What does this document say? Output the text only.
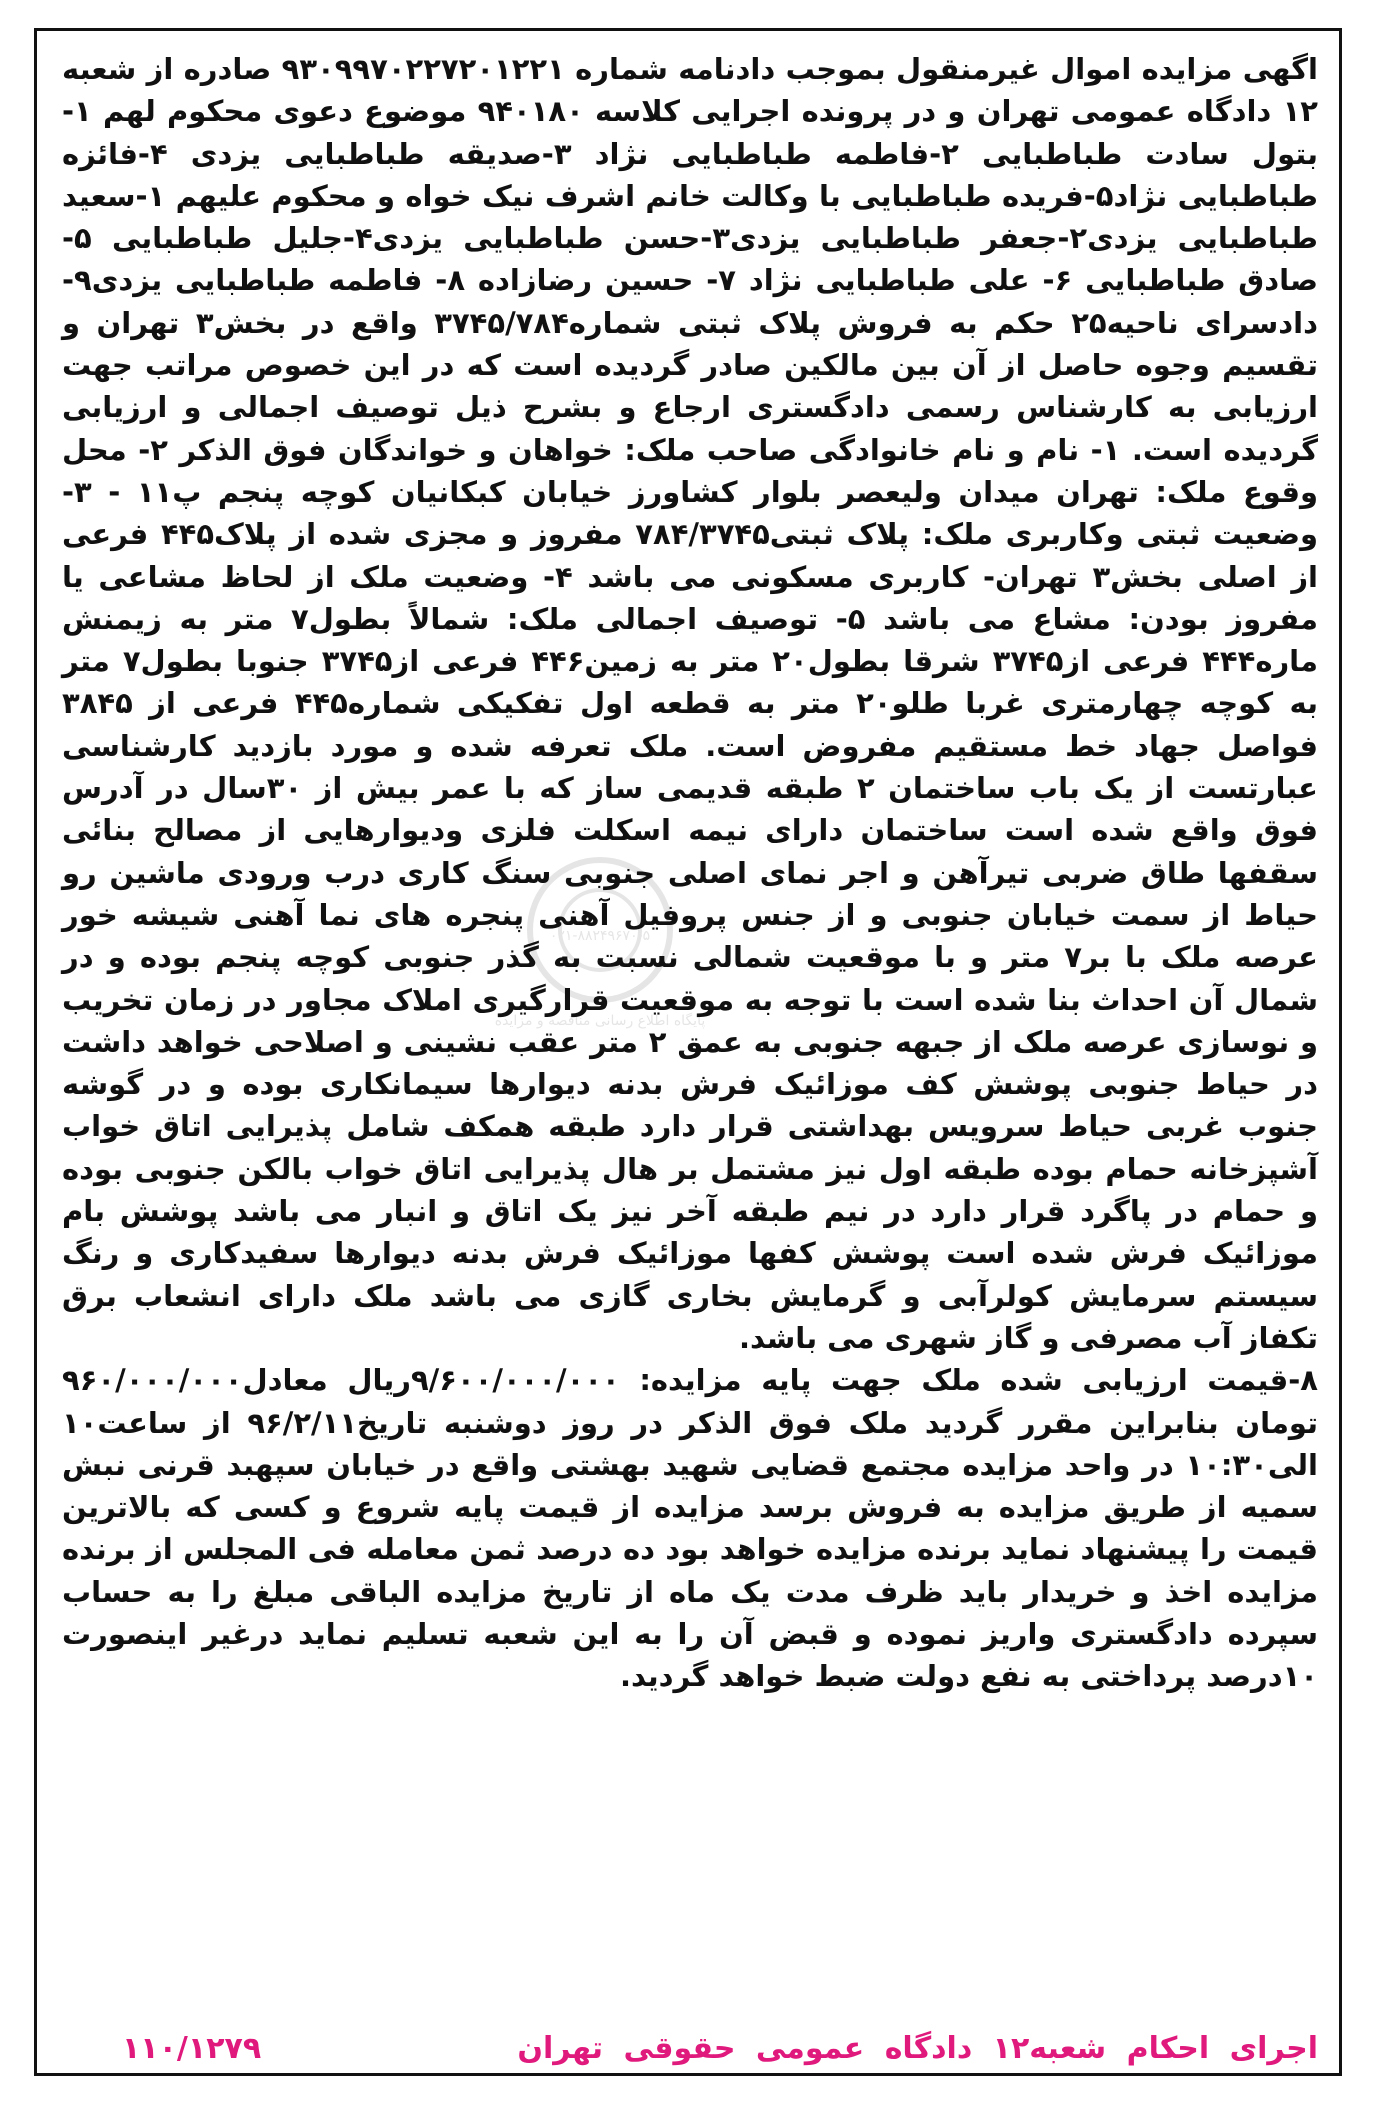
پایگاه اطلاع رسانی مناقصه و مزایده
۰۲۱-۸۸۲۴۹۶۷۰-۵

اگهی مزایده اموال غیرمنقول بموجب دادنامه شماره ۹۳۰۹۹۷۰۲۲۷۲۰۱۲۲۱ صادره از شعبه ۱۲ دادگاه عمومی تهران و در پرونده اجرایی کلاسه ۹۴۰۱۸۰ موضوع دعوی محکوم لهم ۱-بتول سادت طباطبایی ۲-فاطمه طباطبایی نژاد ۳-صدیقه طباطبایی یزدی ۴-فائزه طباطبایی نژاد۵-فریده طباطبایی با وکالت خانم اشرف نیک خواه و محکوم علیهم ۱-سعید طباطبایی یزدی۲-جعفر طباطبایی یزدی۳-حسن طباطبایی یزدی۴-جلیل طباطبایی ۵- صادق طباطبایی ۶- علی طباطبایی نژاد ۷- حسین رضازاده ۸- فاطمه طباطبایی یزدی۹- دادسرای ناحیه۲۵ حکم به فروش پلاک ثبتی شماره۳۷۴۵/۷۸۴ واقع در بخش۳ تهران و تقسیم وجوه حاصل از آن بین مالکین صادر گردیده است که در این خصوص مراتب جهت ارزیابی به کارشناس رسمی دادگستری ارجاع و بشرح ذیل توصیف اجمالی و ارزیابی گردیده است. ۱- نام و نام خانوادگی صاحب ملک: خواهان و خواندگان فوق الذکر ۲- محل وقوع ملک: تهران میدان ولیعصر بلوار کشاورز خیابان کبکانیان کوچه پنجم پ۱۱ - ۳- وضعیت ثبتی وکاربری ملک: پلاک ثبتی۷۸۴/۳۷۴۵ مفروز و مجزی شده از پلاک۴۴۵ فرعی از اصلی بخش۳ تهران- کاربری مسکونی می باشد ۴- وضعیت ملک از لحاظ مشاعی یا مفروز بودن: مشاع می باشد ۵- توصیف اجمالی ملک: شمالاً بطول۷ متر به زیمنش ماره۴۴۴ فرعی از۳۷۴۵ شرقا بطول۲۰ متر به زمین۴۴۶ فرعی از۳۷۴۵ جنوبا بطول۷ متر به کوچه چهارمتری غربا طلو۲۰ متر به قطعه اول تفکیکی شماره۴۴۵ فرعی از ۳۸۴۵ فواصل جهاد خط مستقیم مفروض است. ملک تعرفه شده و مورد بازدید کارشناسی عبارتست از یک باب ساختمان ۲ طبقه قدیمی ساز که با عمر بیش از ۳۰سال در آدرس فوق واقع شده است ساختمان دارای نیمه اسکلت فلزی ودیوارهایی از مصالح بنائی سقفها طاق ضربی تیرآهن و اجر نمای اصلی جنوبی سنگ کاری درب ورودی ماشین رو حیاط از سمت خیابان جنوبی و از جنس پروفیل آهنی پنجره های نما آهنی شیشه خور عرصه ملک با بر۷ متر و با موقعیت شمالی نسبت به گذر جنوبی کوچه پنجم بوده و در شمال آن احداث بنا شده است با توجه به موقعیت قرارگیری املاک مجاور در زمان تخریب و نوسازی عرصه ملک از جبهه جنوبی به عمق ۲ متر عقب نشینی و اصلاحی خواهد داشت در حیاط جنوبی پوشش کف موزائیک فرش بدنه دیوارها سیمانکاری بوده و در گوشه جنوب غربی حیاط سرویس بهداشتی قرار دارد طبقه همکف شامل پذیرایی اتاق خواب آشپزخانه حمام بوده طبقه اول نیز مشتمل بر هال پذیرایی اتاق خواب بالکن جنوبی بوده و حمام در پاگرد قرار دارد در نیم طبقه آخر نیز یک اتاق و انبار می باشد پوشش بام موزائیک فرش شده است پوشش کفها موزائیک فرش بدنه دیوارها سفیدکاری و رنگ سیستم سرمایش کولرآبی و گرمایش بخاری گازی می باشد ملک دارای انشعاب برق تکفاز آب مصرفی و گاز شهری می باشد.

۸-قیمت ارزیابی شده ملک جهت پایه مزایده: ۹/۶۰۰/۰۰۰/۰۰۰ریال معادل۹۶۰/۰۰۰/۰۰۰ تومان بنابراین مقرر گردید ملک فوق الذکر در روز دوشنبه تاریخ۹۶/۲/۱۱ از ساعت۱۰ الی۱۰:۳۰ در واحد مزایده مجتمع قضایی شهید بهشتی واقع در خیابان سپهبد قرنی نبش سمیه از طریق مزایده به فروش برسد مزایده از قیمت پایه شروع و کسی که بالاترین قیمت را پیشنهاد نماید برنده مزایده خواهد بود ده درصد ثمن معامله فی المجلس از برنده مزایده اخذ و خریدار باید ظرف مدت یک ماه از تاریخ مزایده الباقی مبلغ را به حساب سپرده دادگستری واریز نموده و قبض آن را به این شعبه تسلیم نماید درغیر اینصورت ۱۰درصد پرداختی به نفع دولت ضبط خواهد گردید.

اجرای احکام شعبه۱۲ دادگاه عمومی حقوقی تهران
۱۱۰/۱۲۷۹
